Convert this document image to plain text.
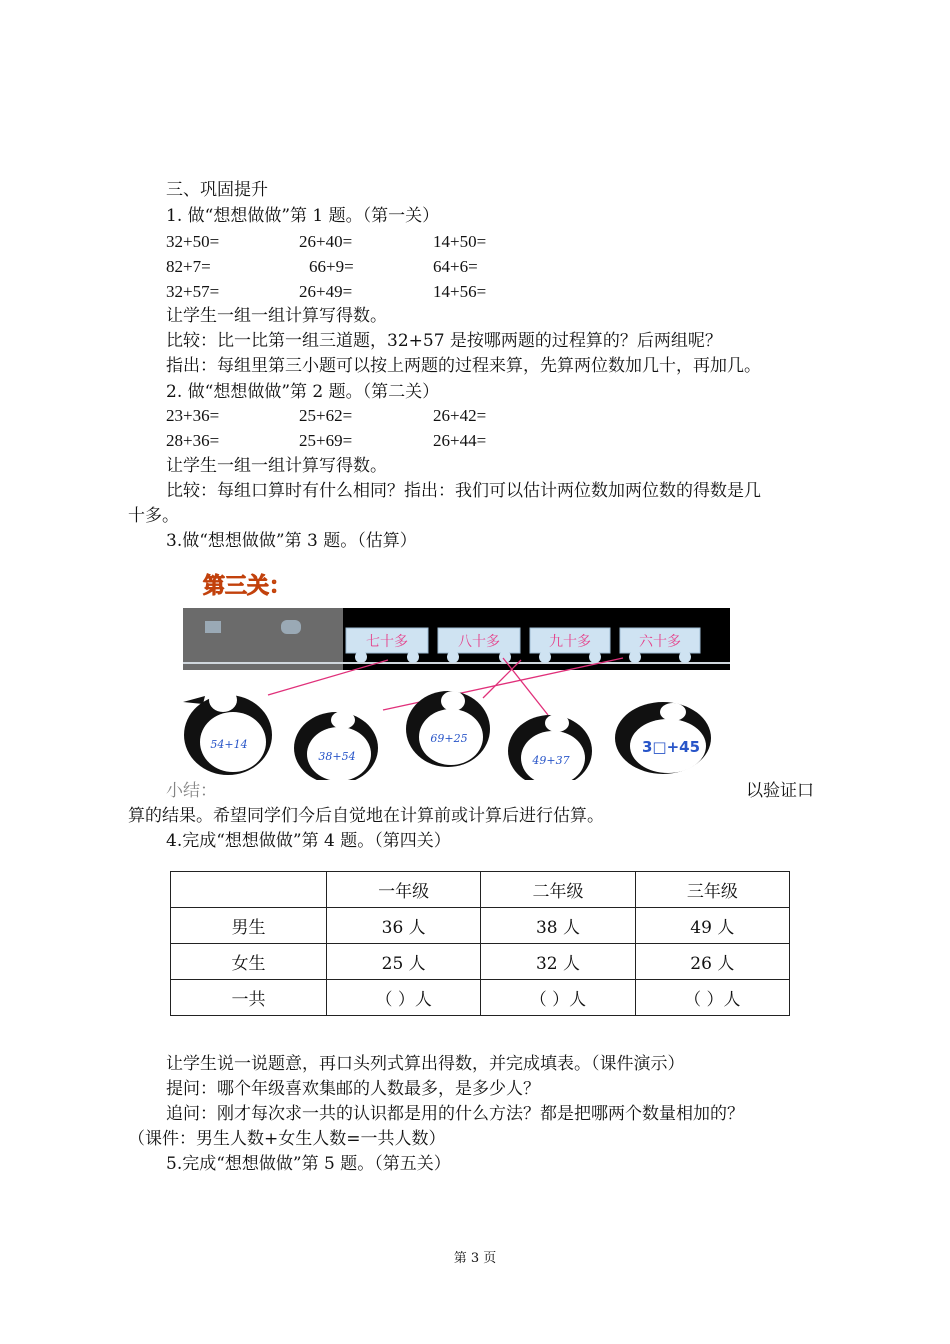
三、巩固提升
1. 做“想想做做”第 1 题。（第一关）
32+50=	26+40=	14+50=
82+7=	66+9=	64+6=
32+57=	26+49=	14+56=
让学生一组一组计算写得数。
比较：比一比第一组三道题，32+57 是按哪两题的过程算的？后两组呢？
指出：每组里第三小题可以按上两题的过程来算，先算两位数加几十，再加几。
2. 做“想想做做”第 2 题。（第二关）
23+36=	25+62=	26+42=
28+36=	25+69=	26+44=
让学生一组一组计算写得数。
比较：每组口算时有什么相同？指出：我们可以估计两位数加两位数的得数是几
十多。
3.做“想想做做”第 3 题。（估算）
第三关：
七十多	八十多	九十多	六十多
54+14
38+54
69+25
49+37
3□+45
小结：	以验证口
算的结果。希望同学们今后自觉地在计算前或计算后进行估算。
4.完成“想想做做”第 4 题。（第四关）
	一年级	二年级	三年级
男生	36 人	38 人	49 人
女生	25 人	32 人	26 人
一共	（ ）人	（ ）人	（ ）人
让学生说一说题意，再口头列式算出得数，并完成填表。（课件演示）
提问：哪个年级喜欢集邮的人数最多，是多少人？
追问：刚才每次求一共的认识都是用的什么方法？都是把哪两个数量相加的？
（课件：男生人数+女生人数=一共人数）
5.完成“想想做做”第 5 题。（第五关）
第 3 页
